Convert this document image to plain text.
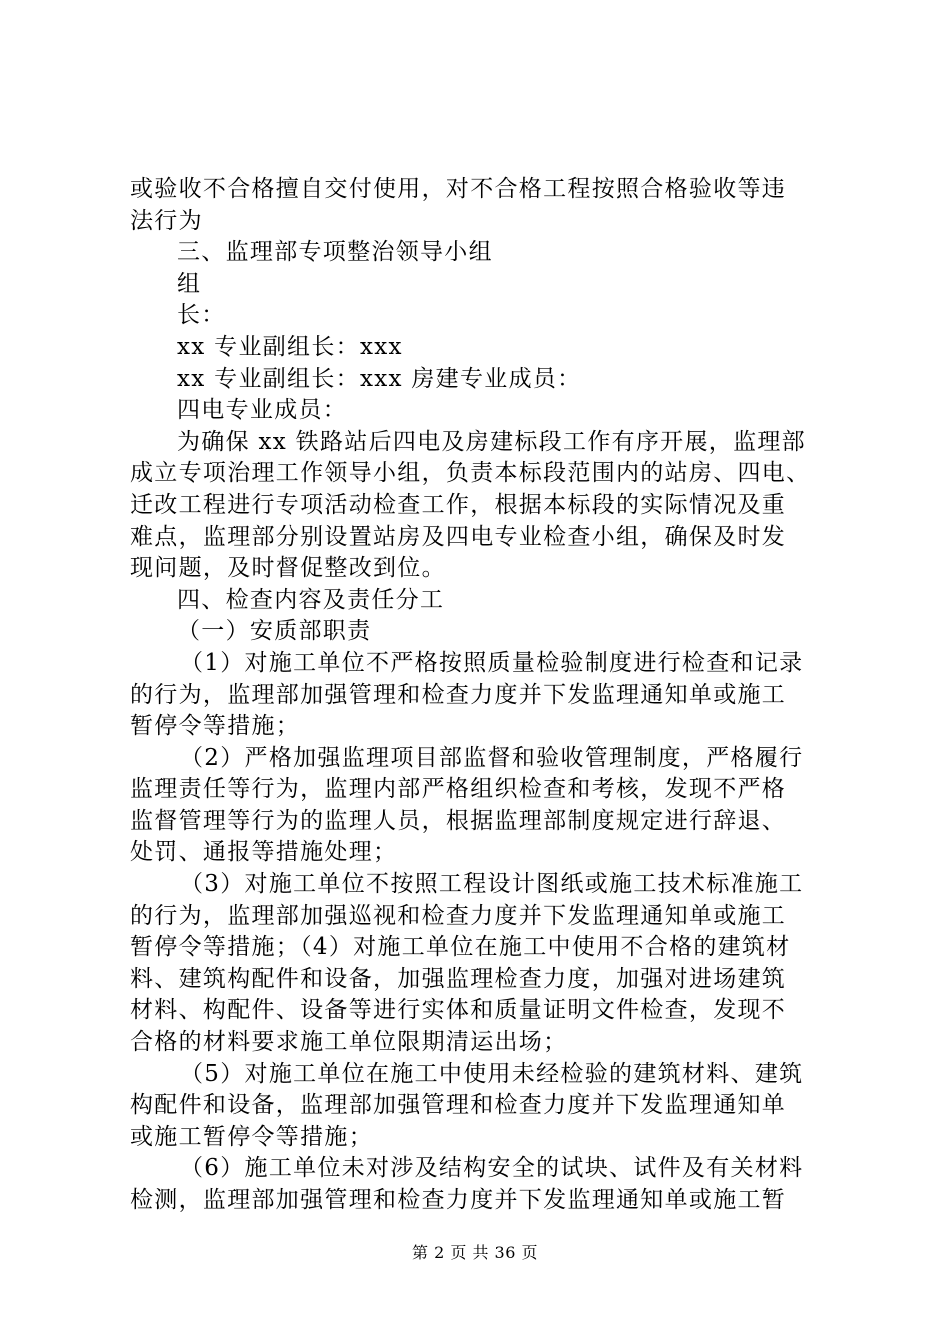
或验收不合格擅自交付使用，对不合格工程按照合格验收等违
法行为
三、监理部专项整治领导小组
组
长：
xx 专业副组长：xxx
xx 专业副组长：xxx 房建专业成员：
四电专业成员：
为确保 xx 铁路站后四电及房建标段工作有序开展，监理部
成立专项治理工作领导小组，负责本标段范围内的站房、四电、
迁改工程进行专项活动检查工作，根据本标段的实际情况及重
难点，监理部分别设置站房及四电专业检查小组，确保及时发
现问题，及时督促整改到位。
四、检查内容及责任分工
（一）安质部职责
（1）对施工单位不严格按照质量检验制度进行检查和记录
的行为，监理部加强管理和检查力度并下发监理通知单或施工
暂停令等措施；
（2）严格加强监理项目部监督和验收管理制度，严格履行
监理责任等行为，监理内部严格组织检查和考核，发现不严格
监督管理等行为的监理人员，根据监理部制度规定进行辞退、
处罚、通报等措施处理；
（3）对施工单位不按照工程设计图纸或施工技术标准施工
的行为，监理部加强巡视和检查力度并下发监理通知单或施工
暂停令等措施；（4）对施工单位在施工中使用不合格的建筑材
料、建筑构配件和设备，加强监理检查力度，加强对进场建筑
材料、构配件、设备等进行实体和质量证明文件检查，发现不
合格的材料要求施工单位限期清运出场；
（5）对施工单位在施工中使用未经检验的建筑材料、建筑
构配件和设备，监理部加强管理和检查力度并下发监理通知单
或施工暂停令等措施；
（6）施工单位未对涉及结构安全的试块、试件及有关材料
检测，监理部加强管理和检查力度并下发监理通知单或施工暂
第 2 页 共 36 页
